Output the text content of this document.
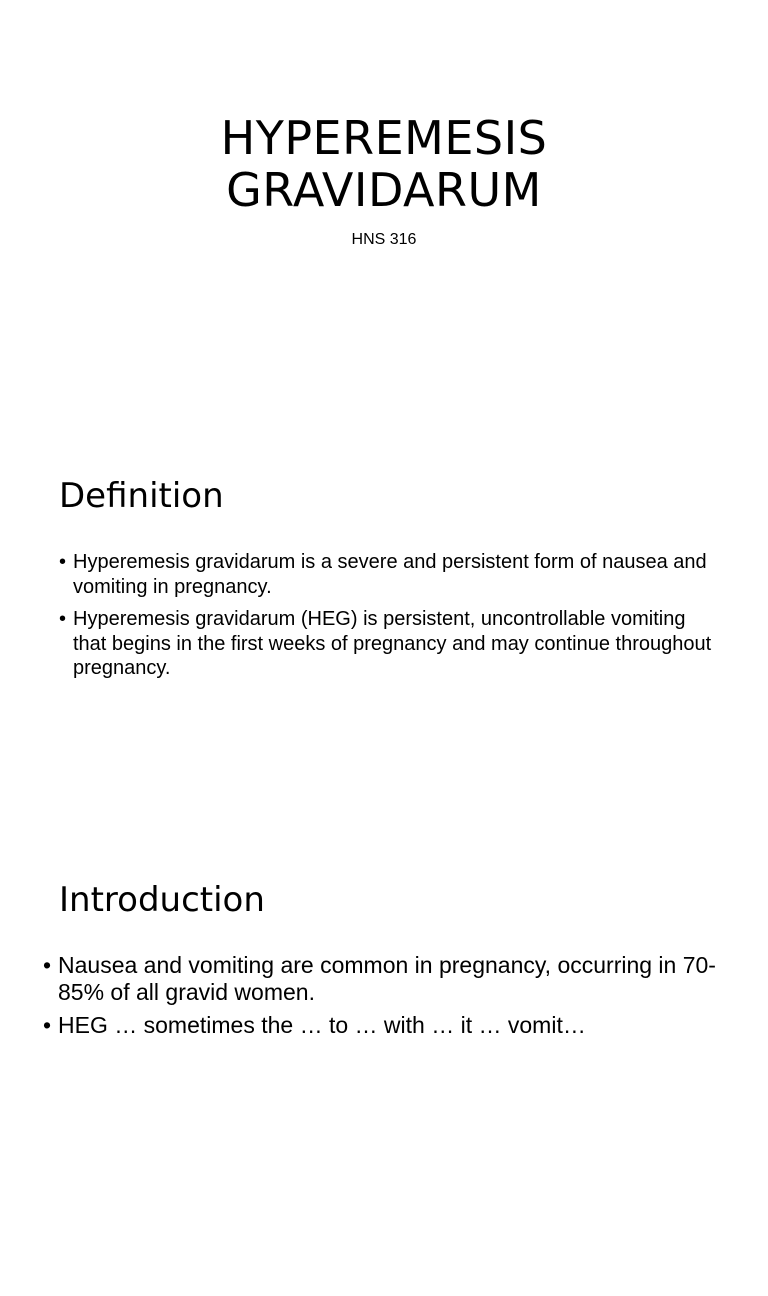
HYPEREMESIS
GRAVIDARUM
HNS 316
Definition
• Hyperemesis gravidarum is a severe and persistent form of nausea and vomiting in pregnancy.
• Hyperemesis gravidarum (HEG) is persistent, uncontrollable vomiting that begins in the first weeks of pregnancy and may continue throughout pregnancy.
Introduction
• Nausea and vomiting are common in pregnancy, occurring in 70-85% of all gravid women.
• HEG … sometimes the … to … with … it … vomit…
